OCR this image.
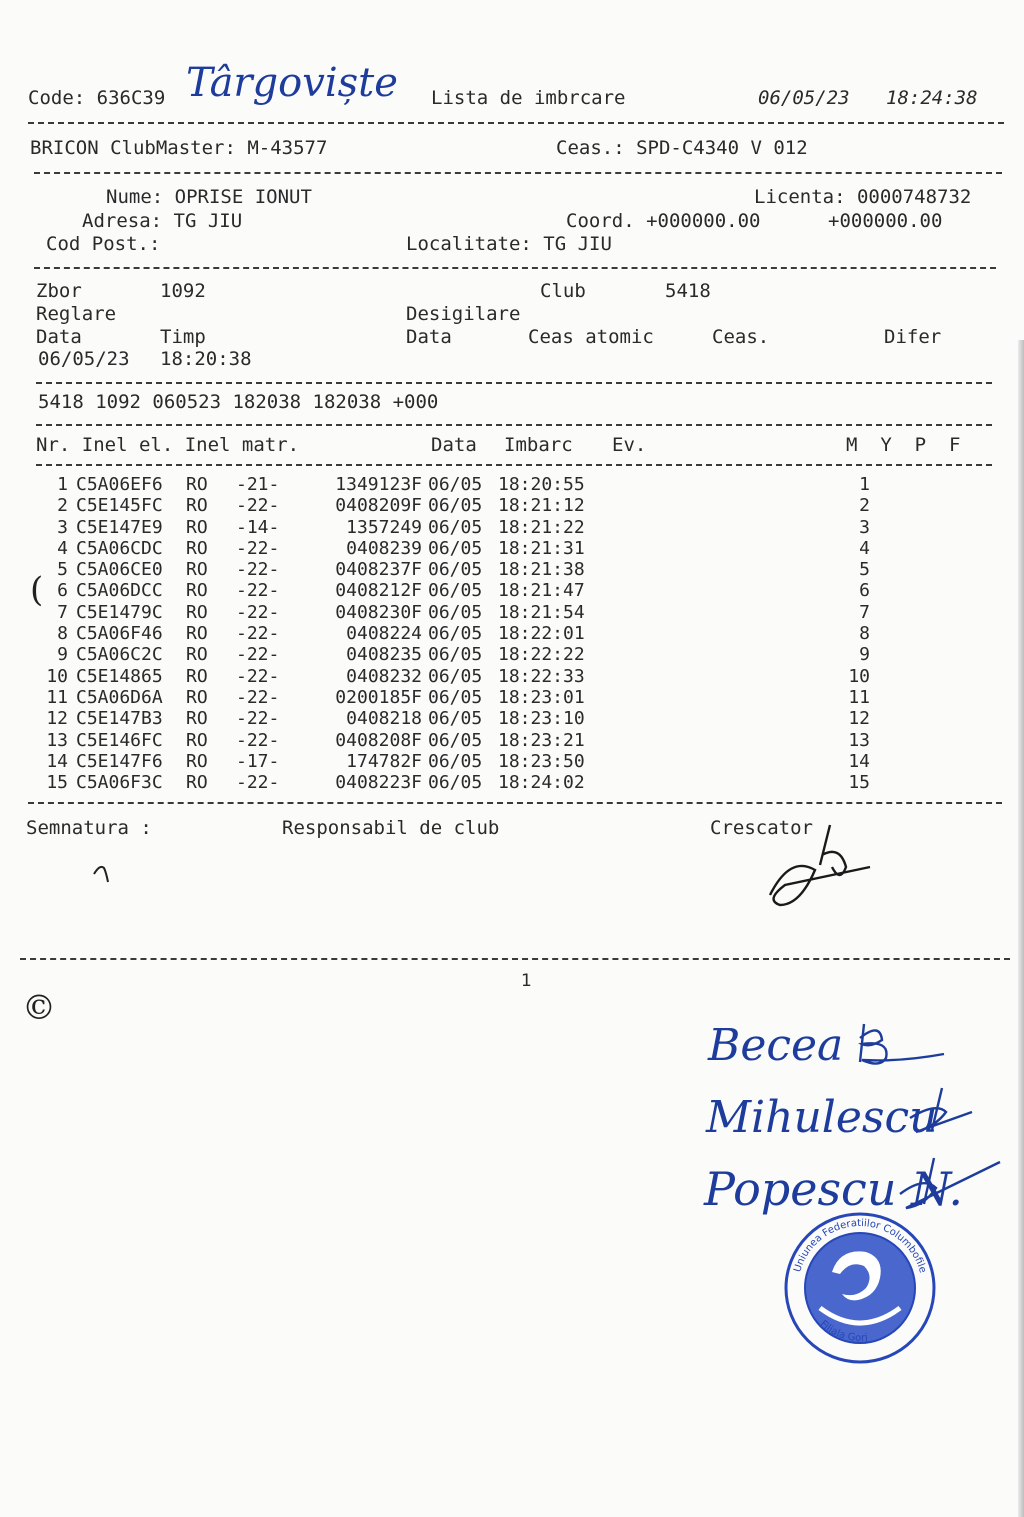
Code: 636C39 Târgoviște Lista de imbrcare	06/05/23 18:24:38
BRICON ClubMaster: M-43577	Ceas.: SPD-C4340 V 012
Nume: OPRISE IONUT	Licenta: 0000748732
Adresa: TG JIU	Coord. +000000.00	+000000.00
Cod Post.:	Localitate: TG JIU
Zbor	1092	Club	5418
Reglare	Desigilare
Data	Timp	Data	Ceas atomic	Ceas.	Difer
06/05/23 18:20:38
5418 1092 060523 182038 182038 +000
Nr. Inel el. Inel matr.	Data Imbarc Ev.	M  Y  P  F
1	C5A06EF6	RO	-21-	1349123F	06/05	18:20:55	1
2	C5E145FC	RO	-22-	0408209F	06/05	18:21:12	2
3	C5E147E9	RO	-14-	1357249	06/05	18:21:22	3
4	C5A06CDC	RO	-22-	0408239	06/05	18:21:31	4
5	C5A06CE0	RO	-22-	0408237F	06/05	18:21:38	5
6	C5A06DCC	RO	-22-	0408212F	06/05	18:21:47	6
7	C5E1479C	RO	-22-	0408230F	06/05	18:21:54	7
8	C5A06F46	RO	-22-	0408224	06/05	18:22:01	8
9	C5A06C2C	RO	-22-	0408235	06/05	18:22:22	9
10	C5E14865	RO	-22-	0408232	06/05	18:22:33	10
11	C5A06D6A	RO	-22-	0200185F	06/05	18:23:01	11
12	C5E147B3	RO	-22-	0408218	06/05	18:23:10	12
13	C5E146FC	RO	-22-	0408208F	06/05	18:23:21	13
14	C5E147F6	RO	-17-	174782F	06/05	18:23:50	14
15	C5A06F3C	RO	-22-	0408223F	06/05	18:24:02	15
(
Semnatura :	Responsabil de club	Crescator
1
©
Becea
Mihulescu
Popescu N.
Uniunea Federatiilor Columbofile
Filiala Gorj
